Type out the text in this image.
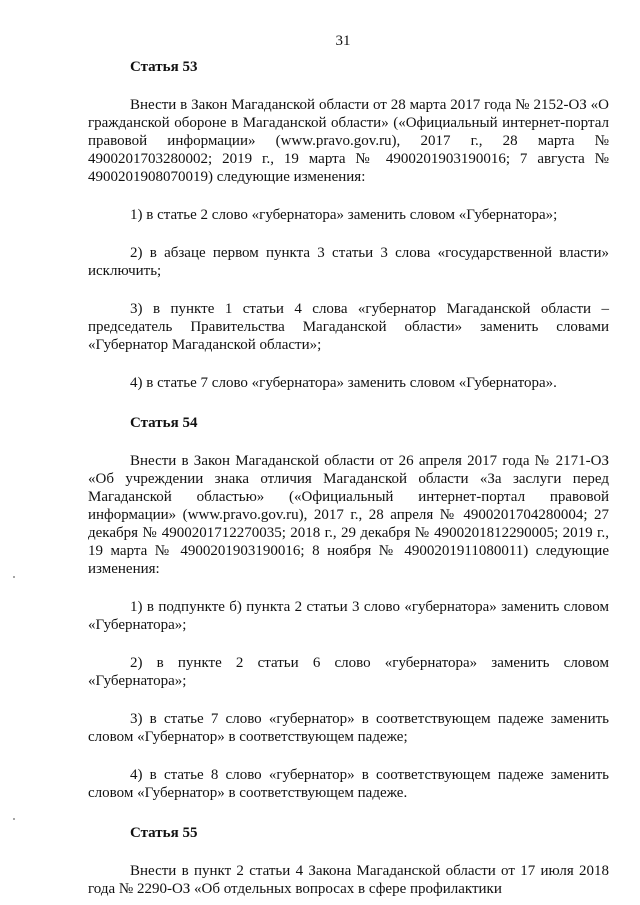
31
Статья 53

Внести в Закон Магаданской области от 28 марта 2017 года № 2152-ОЗ «О гражданской обороне в Магаданской области» («Официальный интернет-портал правовой информации» (www.pravo.gov.ru), 2017 г., 28 марта № 4900201703280002; 2019 г., 19 марта № 4900201903190016; 7 августа № 4900201908070019) следующие изменения:

1) в статье 2 слово «губернатора» заменить словом «Губернатора»;

2) в абзаце первом пункта 3 статьи 3 слова «государственной власти» исключить;

3) в пункте 1 статьи 4 слова «губернатор Магаданской области – председатель Правительства Магаданской области» заменить словами «Губернатор Магаданской области»;

4) в статье 7 слово «губернатора» заменить словом «Губернатора».

Статья 54

Внести в Закон Магаданской области от 26 апреля 2017 года № 2171-ОЗ «Об учреждении знака отличия Магаданской области «За заслуги перед Магаданской областью» («Официальный интернет-портал правовой информации» (www.pravo.gov.ru), 2017 г., 28 апреля № 4900201704280004; 27 декабря № 4900201712270035; 2018 г., 29 декабря № 4900201812290005; 2019 г., 19 марта № 4900201903190016; 8 ноября № 4900201911080011) следующие изменения:

1) в подпункте б) пункта 2 статьи 3 слово «губернатора» заменить словом «Губернатора»;

2) в пункте 2 статьи 6 слово «губернатора» заменить словом «Губернатора»;

3) в статье 7 слово «губернатор» в соответствующем падеже заменить словом «Губернатор» в соответствующем падеже;

4) в статье 8 слово «губернатор» в соответствующем падеже заменить словом «Губернатор» в соответствующем падеже.

Статья 55

Внести в пункт 2 статьи 4 Закона Магаданской области от 17 июля 2018 года № 2290-ОЗ «Об отдельных вопросах в сфере профилактики
